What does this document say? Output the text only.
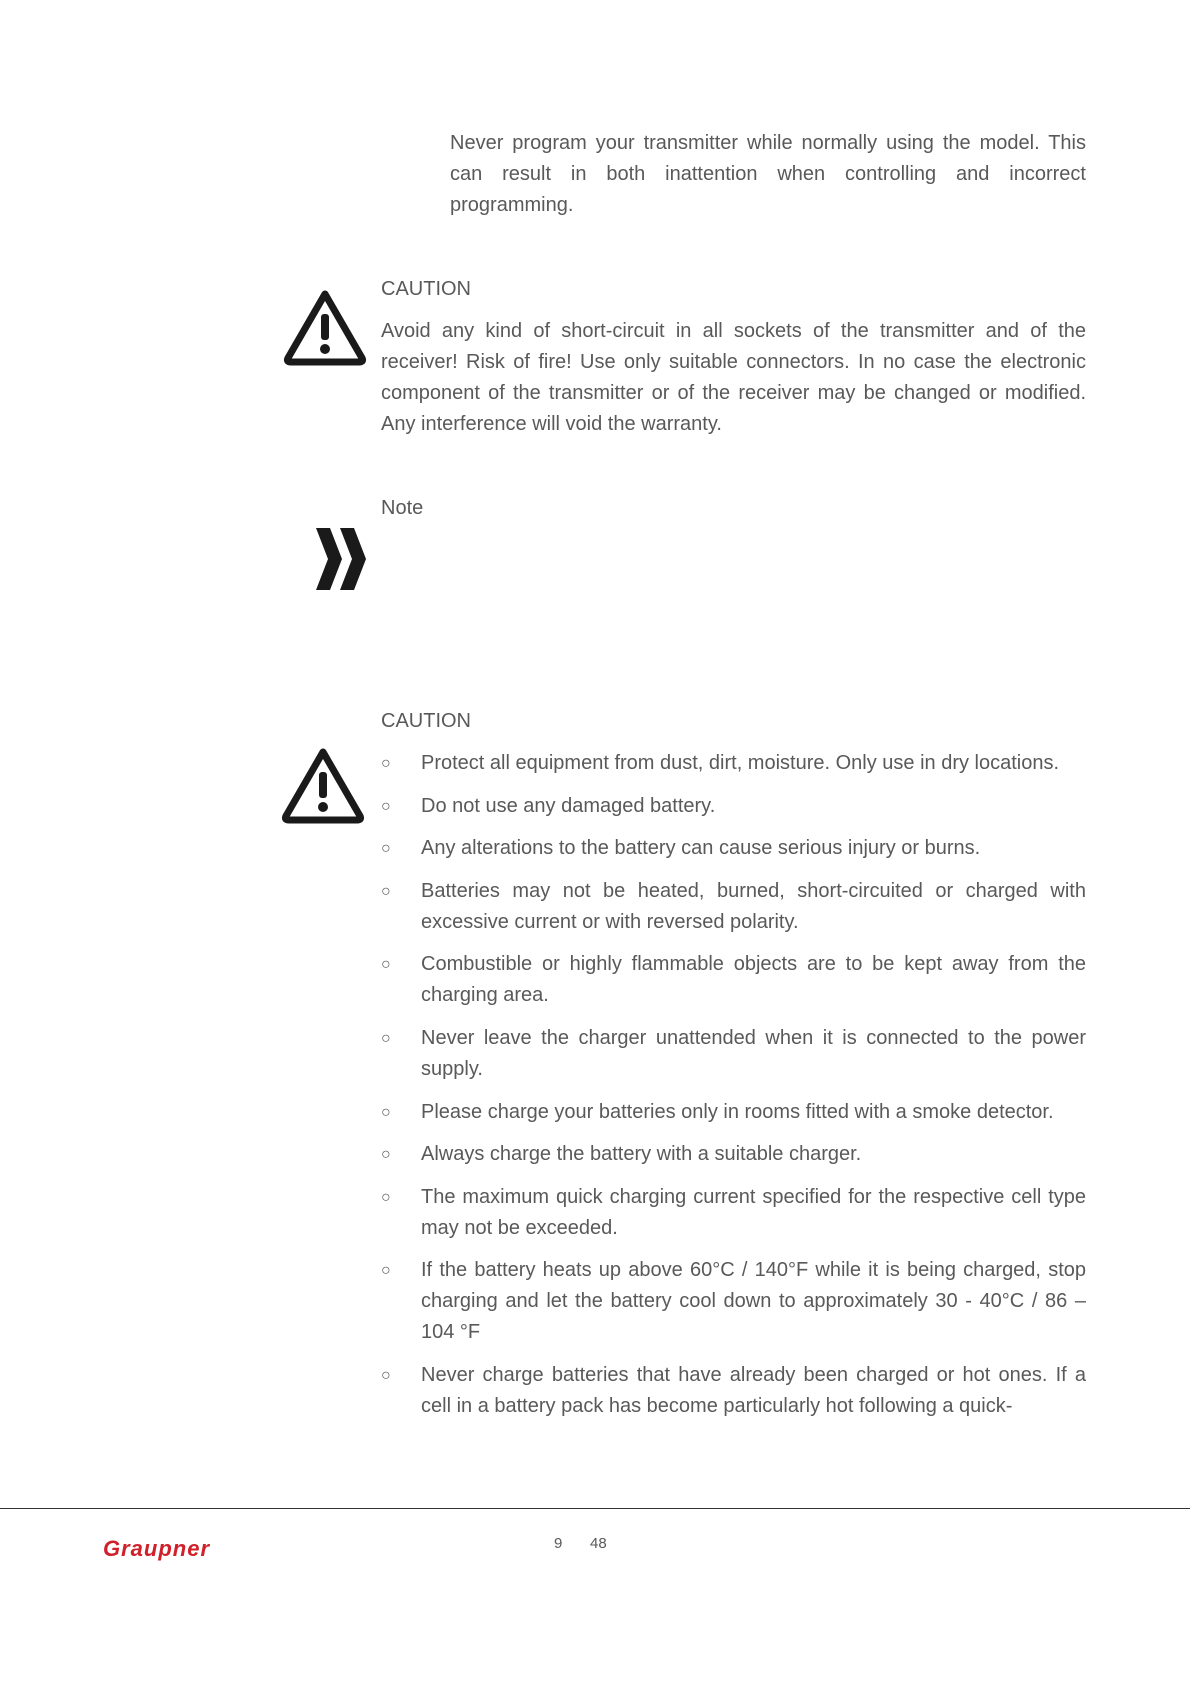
Never program your transmitter while normally using the model. This can result in both inattention when controlling and incorrect programming.

CAUTION

Avoid any kind of short-circuit in all sockets of the transmitter and of the receiver! Risk of fire! Use only suitable connectors. In no case the electronic component of the transmitter or of the receiver may be changed or modified. Any interference will void the warranty.

Note

CAUTION

○ Protect all equipment from dust, dirt, moisture. Only use in dry locations.
○ Do not use any damaged battery.
○ Any alterations to the battery can cause serious injury or burns.
○ Batteries may not be heated, burned, short-circuited or charged with excessive current or with reversed polarity.
○ Combustible or highly flammable objects are to be kept away from the charging area.
○ Never leave the charger unattended when it is connected to the power supply.
○ Please charge your batteries only in rooms fitted with a smoke detector.
○ Always charge the battery with a suitable charger.
○ The maximum quick charging current specified for the respective cell type may not be exceeded.
○ If the battery heats up above 60°C / 140°F while it is being charged, stop charging and let the battery cool down to approximately 30 - 40°C / 86 – 104 °F
○ Never charge batteries that have already been charged or hot ones. If a cell in a battery pack has become particularly hot following a quick-
Graupner	9 48
